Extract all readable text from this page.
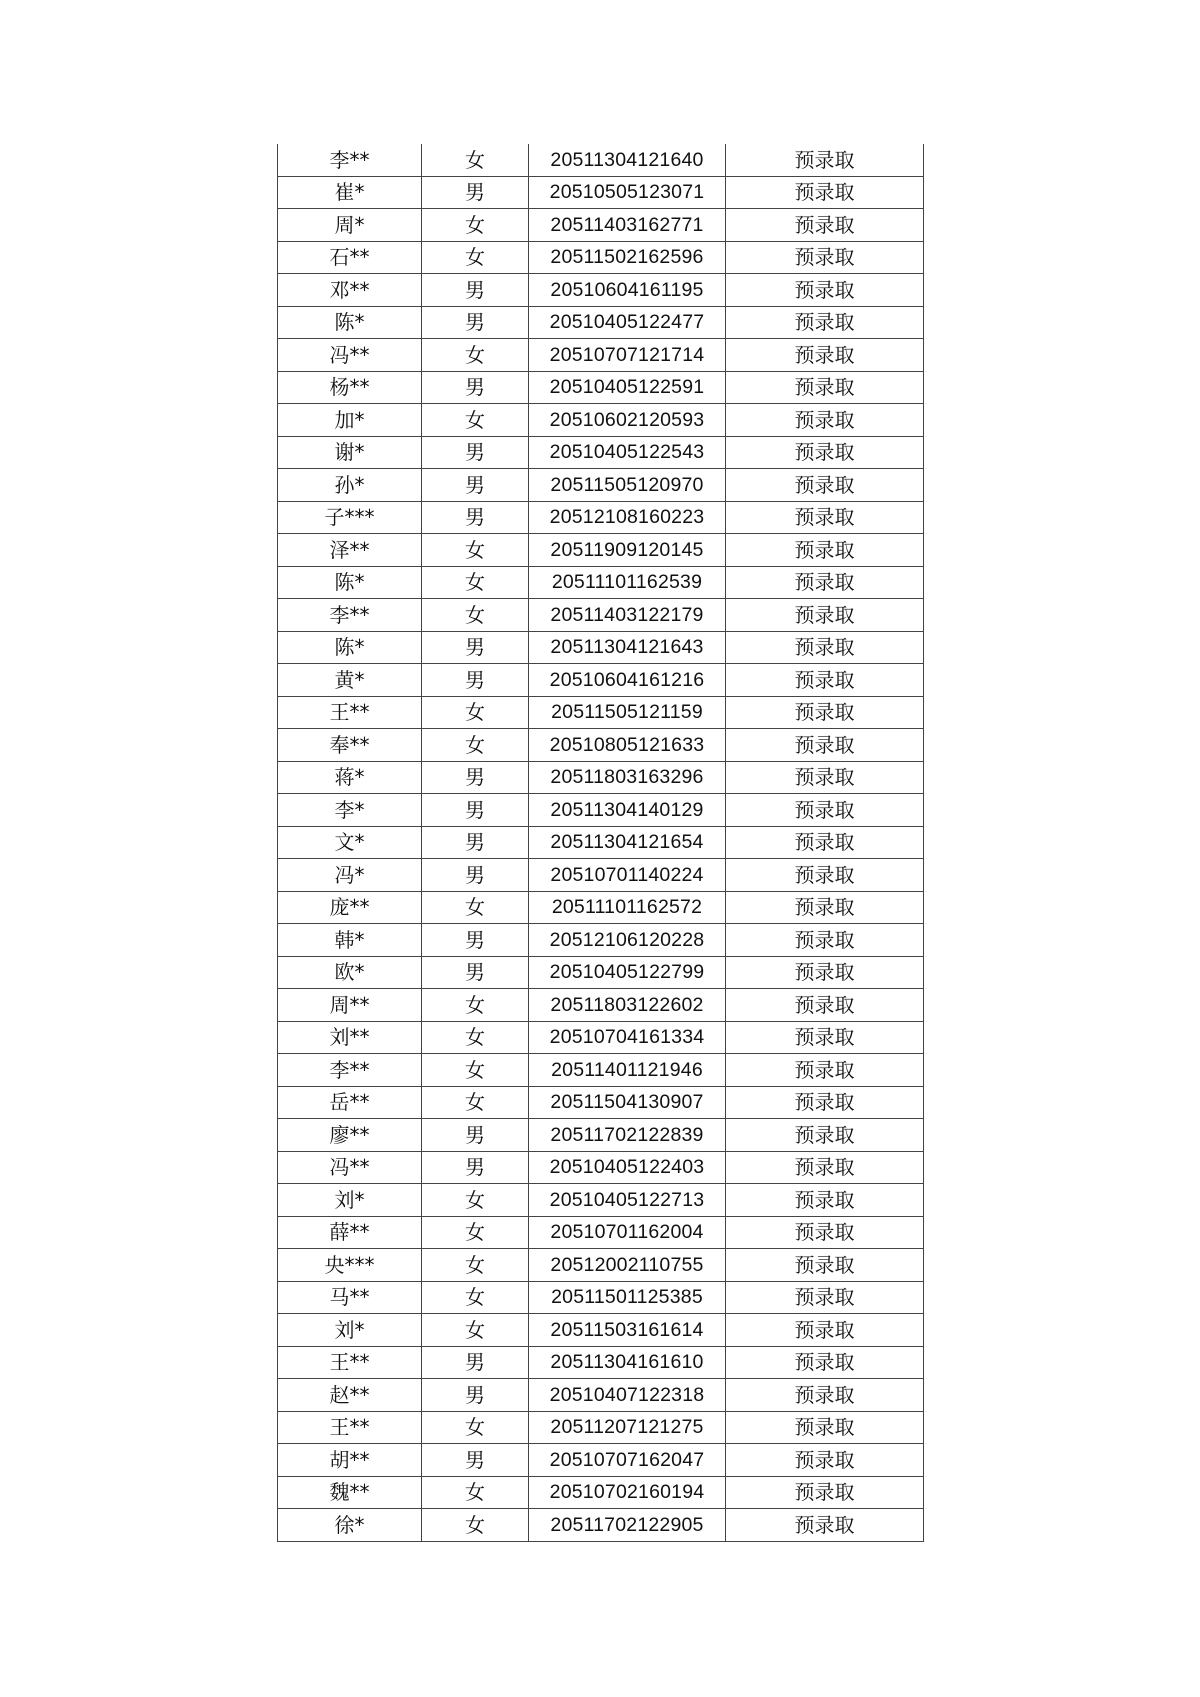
李**	女	20511304121640	预录取
崔*	男	20510505123071	预录取
周*	女	20511403162771	预录取
石**	女	20511502162596	预录取
邓**	男	20510604161195	预录取
陈*	男	20510405122477	预录取
冯**	女	20510707121714	预录取
杨**	男	20510405122591	预录取
加*	女	20510602120593	预录取
谢*	男	20510405122543	预录取
孙*	男	20511505120970	预录取
子***	男	20512108160223	预录取
泽**	女	20511909120145	预录取
陈*	女	20511101162539	预录取
李**	女	20511403122179	预录取
陈*	男	20511304121643	预录取
黄*	男	20510604161216	预录取
王**	女	20511505121159	预录取
奉**	女	20510805121633	预录取
蒋*	男	20511803163296	预录取
李*	男	20511304140129	预录取
文*	男	20511304121654	预录取
冯*	男	20510701140224	预录取
庞**	女	20511101162572	预录取
韩*	男	20512106120228	预录取
欧*	男	20510405122799	预录取
周**	女	20511803122602	预录取
刘**	女	20510704161334	预录取
李**	女	20511401121946	预录取
岳**	女	20511504130907	预录取
廖**	男	20511702122839	预录取
冯**	男	20510405122403	预录取
刘*	女	20510405122713	预录取
薛**	女	20510701162004	预录取
央***	女	20512002110755	预录取
马**	女	20511501125385	预录取
刘*	女	20511503161614	预录取
王**	男	20511304161610	预录取
赵**	男	20510407122318	预录取
王**	女	20511207121275	预录取
胡**	男	20510707162047	预录取
魏**	女	20510702160194	预录取
徐*	女	20511702122905	预录取
